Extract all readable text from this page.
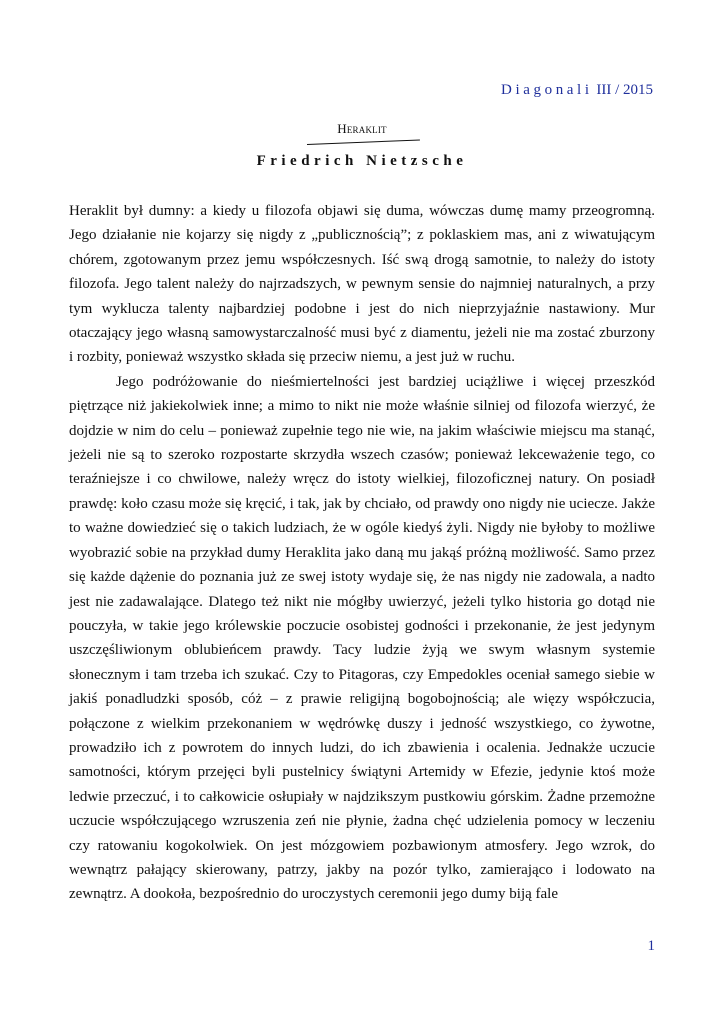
Diagonali III / 2015
Heraklit
Friedrich Nietzsche

Heraklit był dumny: a kiedy u filozofa objawi się duma, wówczas dumę mamy przeogromną. Jego działanie nie kojarzy się nigdy z „publicznością”; z poklaskiem mas, ani z wiwatującym chórem, zgotowanym przez jemu współczesnych. Iść swą drogą samotnie, to należy do istoty filozofa. Jego talent należy do najrzadszych, w pewnym sensie do najmniej naturalnych, a przy tym wyklucza talenty najbardziej podobne i jest do nich nieprzyjaźnie nastawiony. Mur otaczający jego własną samowystarczalność musi być z diamentu, jeżeli nie ma zostać zburzony i rozbity, ponieważ wszystko składa się przeciw niemu, a jest już w ruchu.

Jego podróżowanie do nieśmiertelności jest bardziej uciążliwe i więcej przeszkód piętrzące niż jakiekolwiek inne; a mimo to nikt nie może właśnie silniej od filozofa wierzyć, że dojdzie w nim do celu – ponieważ zupełnie tego nie wie, na jakim właściwie miejscu ma stanąć, jeżeli nie są to szeroko rozpostarte skrzydła wszech czasów; ponieważ lekceważenie tego, co teraźniejsze i co chwilowe, należy wręcz do istoty wielkiej, filozoficznej natury. On posiadł prawdę: koło czasu może się kręcić, i tak, jak by chciało, od prawdy ono nigdy nie uciecze. Jakże to ważne dowiedzieć się o takich ludziach, że w ogóle kiedyś żyli. Nigdy nie byłoby to możliwe wyobrazić sobie na przykład dumy Heraklita jako daną mu jakąś próżną możliwość. Samo przez się każde dążenie do poznania już ze swej istoty wydaje się, że nas nigdy nie zadowala, a nadto jest nie zadawalające. Dlatego też nikt nie mógłby uwierzyć, jeżeli tylko historia go dotąd nie pouczyła, w takie jego królewskie poczucie osobistej godności i przekonanie, że jest jedynym uszczęśliwionym oblubieńcem prawdy. Tacy ludzie żyją we swym własnym systemie słonecznym i tam trzeba ich szukać. Czy to Pitagoras, czy Empedokles oceniał samego siebie w jakiś ponadludzki sposób, cóż – z prawie religijną bogobojnością; ale więzy współczucia, połączone z wielkim przekonaniem w wędrówkę duszy i jedność wszystkiego, co żywotne, prowadziło ich z powrotem do innych ludzi, do ich zbawienia i ocalenia. Jednakże uczucie samotności, którym przejęci byli pustelnicy świątyni Artemidy w Efezie, jedynie ktoś może ledwie przeczuć, i to całkowicie osłupiały w najdzikszym pustkowiu górskim. Żadne przemożne uczucie współczującego wzruszenia zeń nie płynie, żadna chęć udzielenia pomocy w leczeniu czy ratowaniu kogokolwiek. On jest mózgowiem pozbawionym atmosfery. Jego wzrok, do wewnątrz pałający skierowany, patrzy, jakby na pozór tylko, zamierająco i lodowato na zewnątrz. A dookoła, bezpośrednio do uroczystych ceremonii jego dumy biją fale

1
